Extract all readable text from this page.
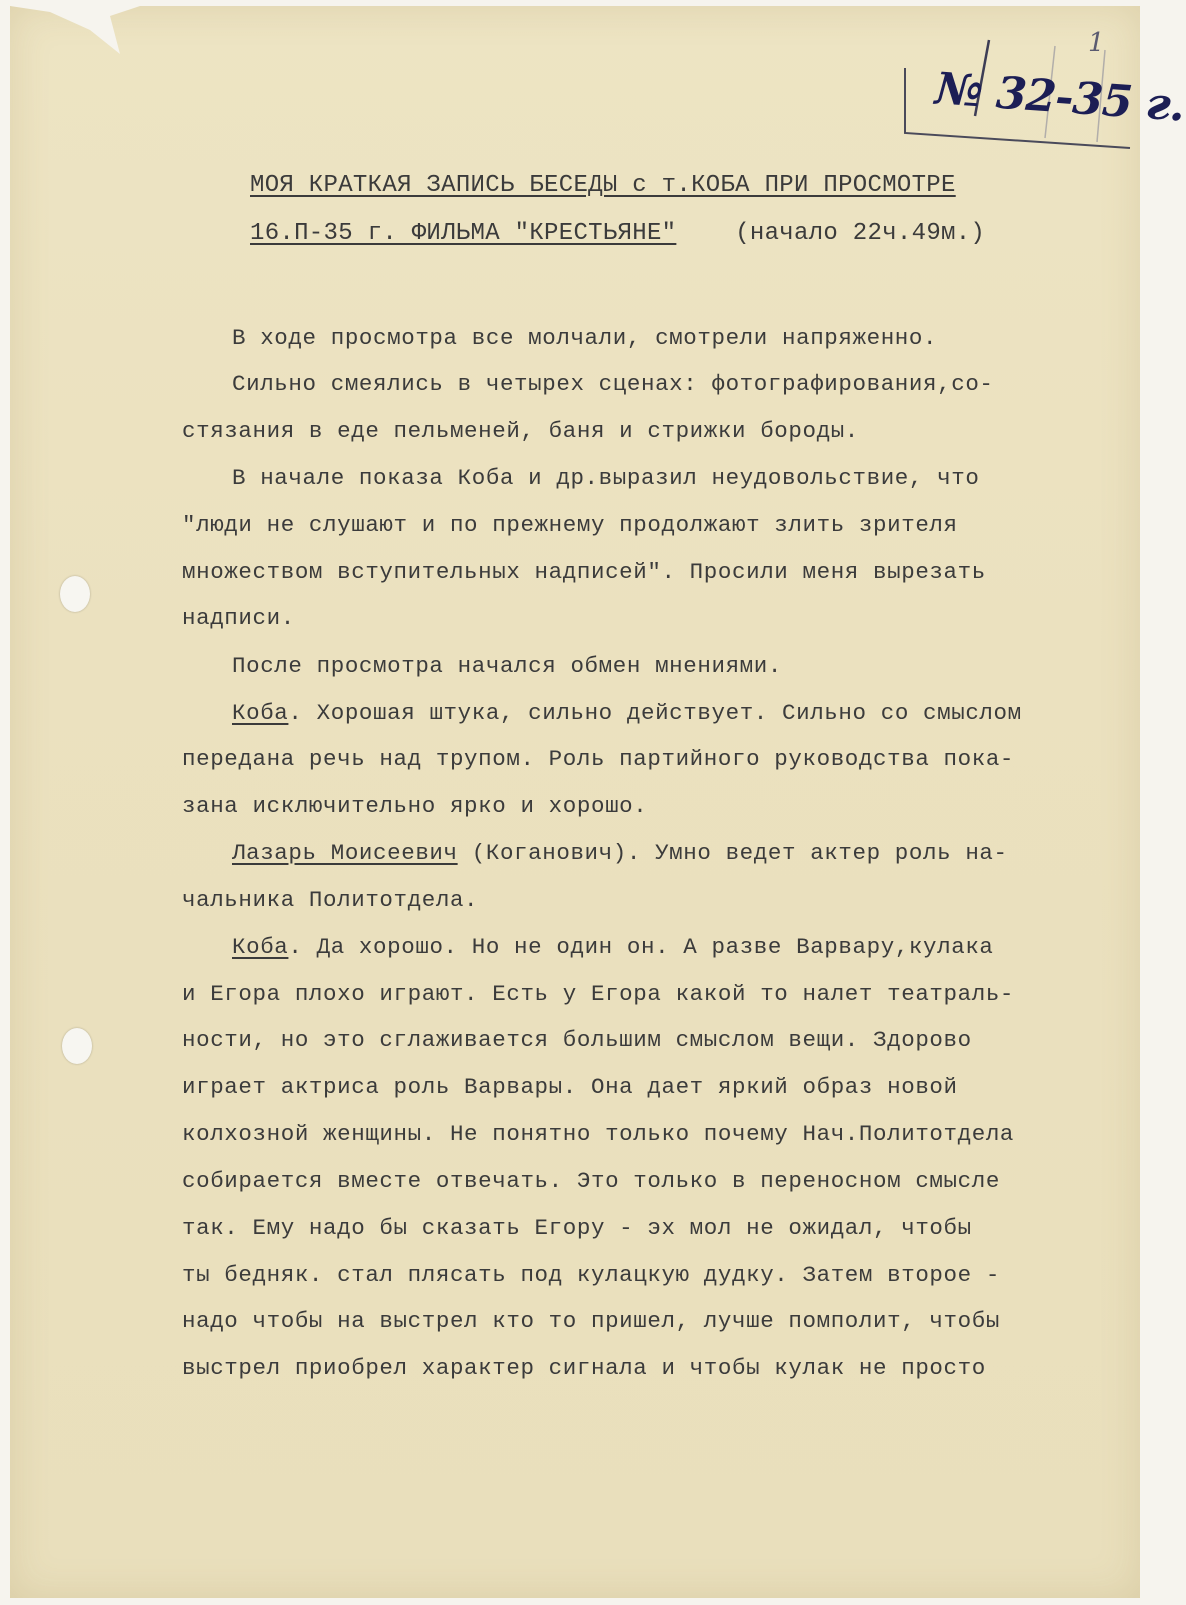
1
№ 32-35 г.
МОЯ КРАТКАЯ ЗАПИСЬ БЕСЕДЫ с т.КОБА ПРИ ПРОСМОТРЕ
16.П-35 г. ФИЛЬМА "КРЕСТЬЯНЕ" (начало 22ч.49м.)
В ходе просмотра все молчали, смотрели напряженно.
Сильно смеялись в четырех сценах: фотографирования,со-
стязания в еде пельменей, баня и стрижки бороды.
В начале показа Коба и др.выразил неудовольствие, что
"люди не слушают и по прежнему продолжают злить зрителя
множеством вступительных надписей". Просили меня вырезать
надписи.
После просмотра начался обмен мнениями.
Коба. Хорошая штука, сильно действует. Сильно со смыслом
передана речь над трупом. Роль партийного руководства пока-
зана исключительно ярко и хорошо.
Лазарь Моисеевич (Коганович). Умно ведет актер роль на-
чальника Политотдела.
Коба. Да хорошо. Но не один он. А разве Варвару,кулака
и Егора плохо играют. Есть у Егора какой то налет театраль-
ности, но это сглаживается большим смыслом вещи. Здорово
играет актриса роль Варвары. Она дает яркий образ новой
колхозной женщины. Не понятно только почему Нач.Политотдела
собирается вместе отвечать. Это только в переносном смысле
так. Ему надо бы сказать Егору - эх мол не ожидал, чтобы
ты бедняк. стал плясать под кулацкую дудку. Затем второе -
надо чтобы на выстрел кто то пришел, лучше помполит, чтобы
выстрел приобрел характер сигнала и чтобы кулак не просто
